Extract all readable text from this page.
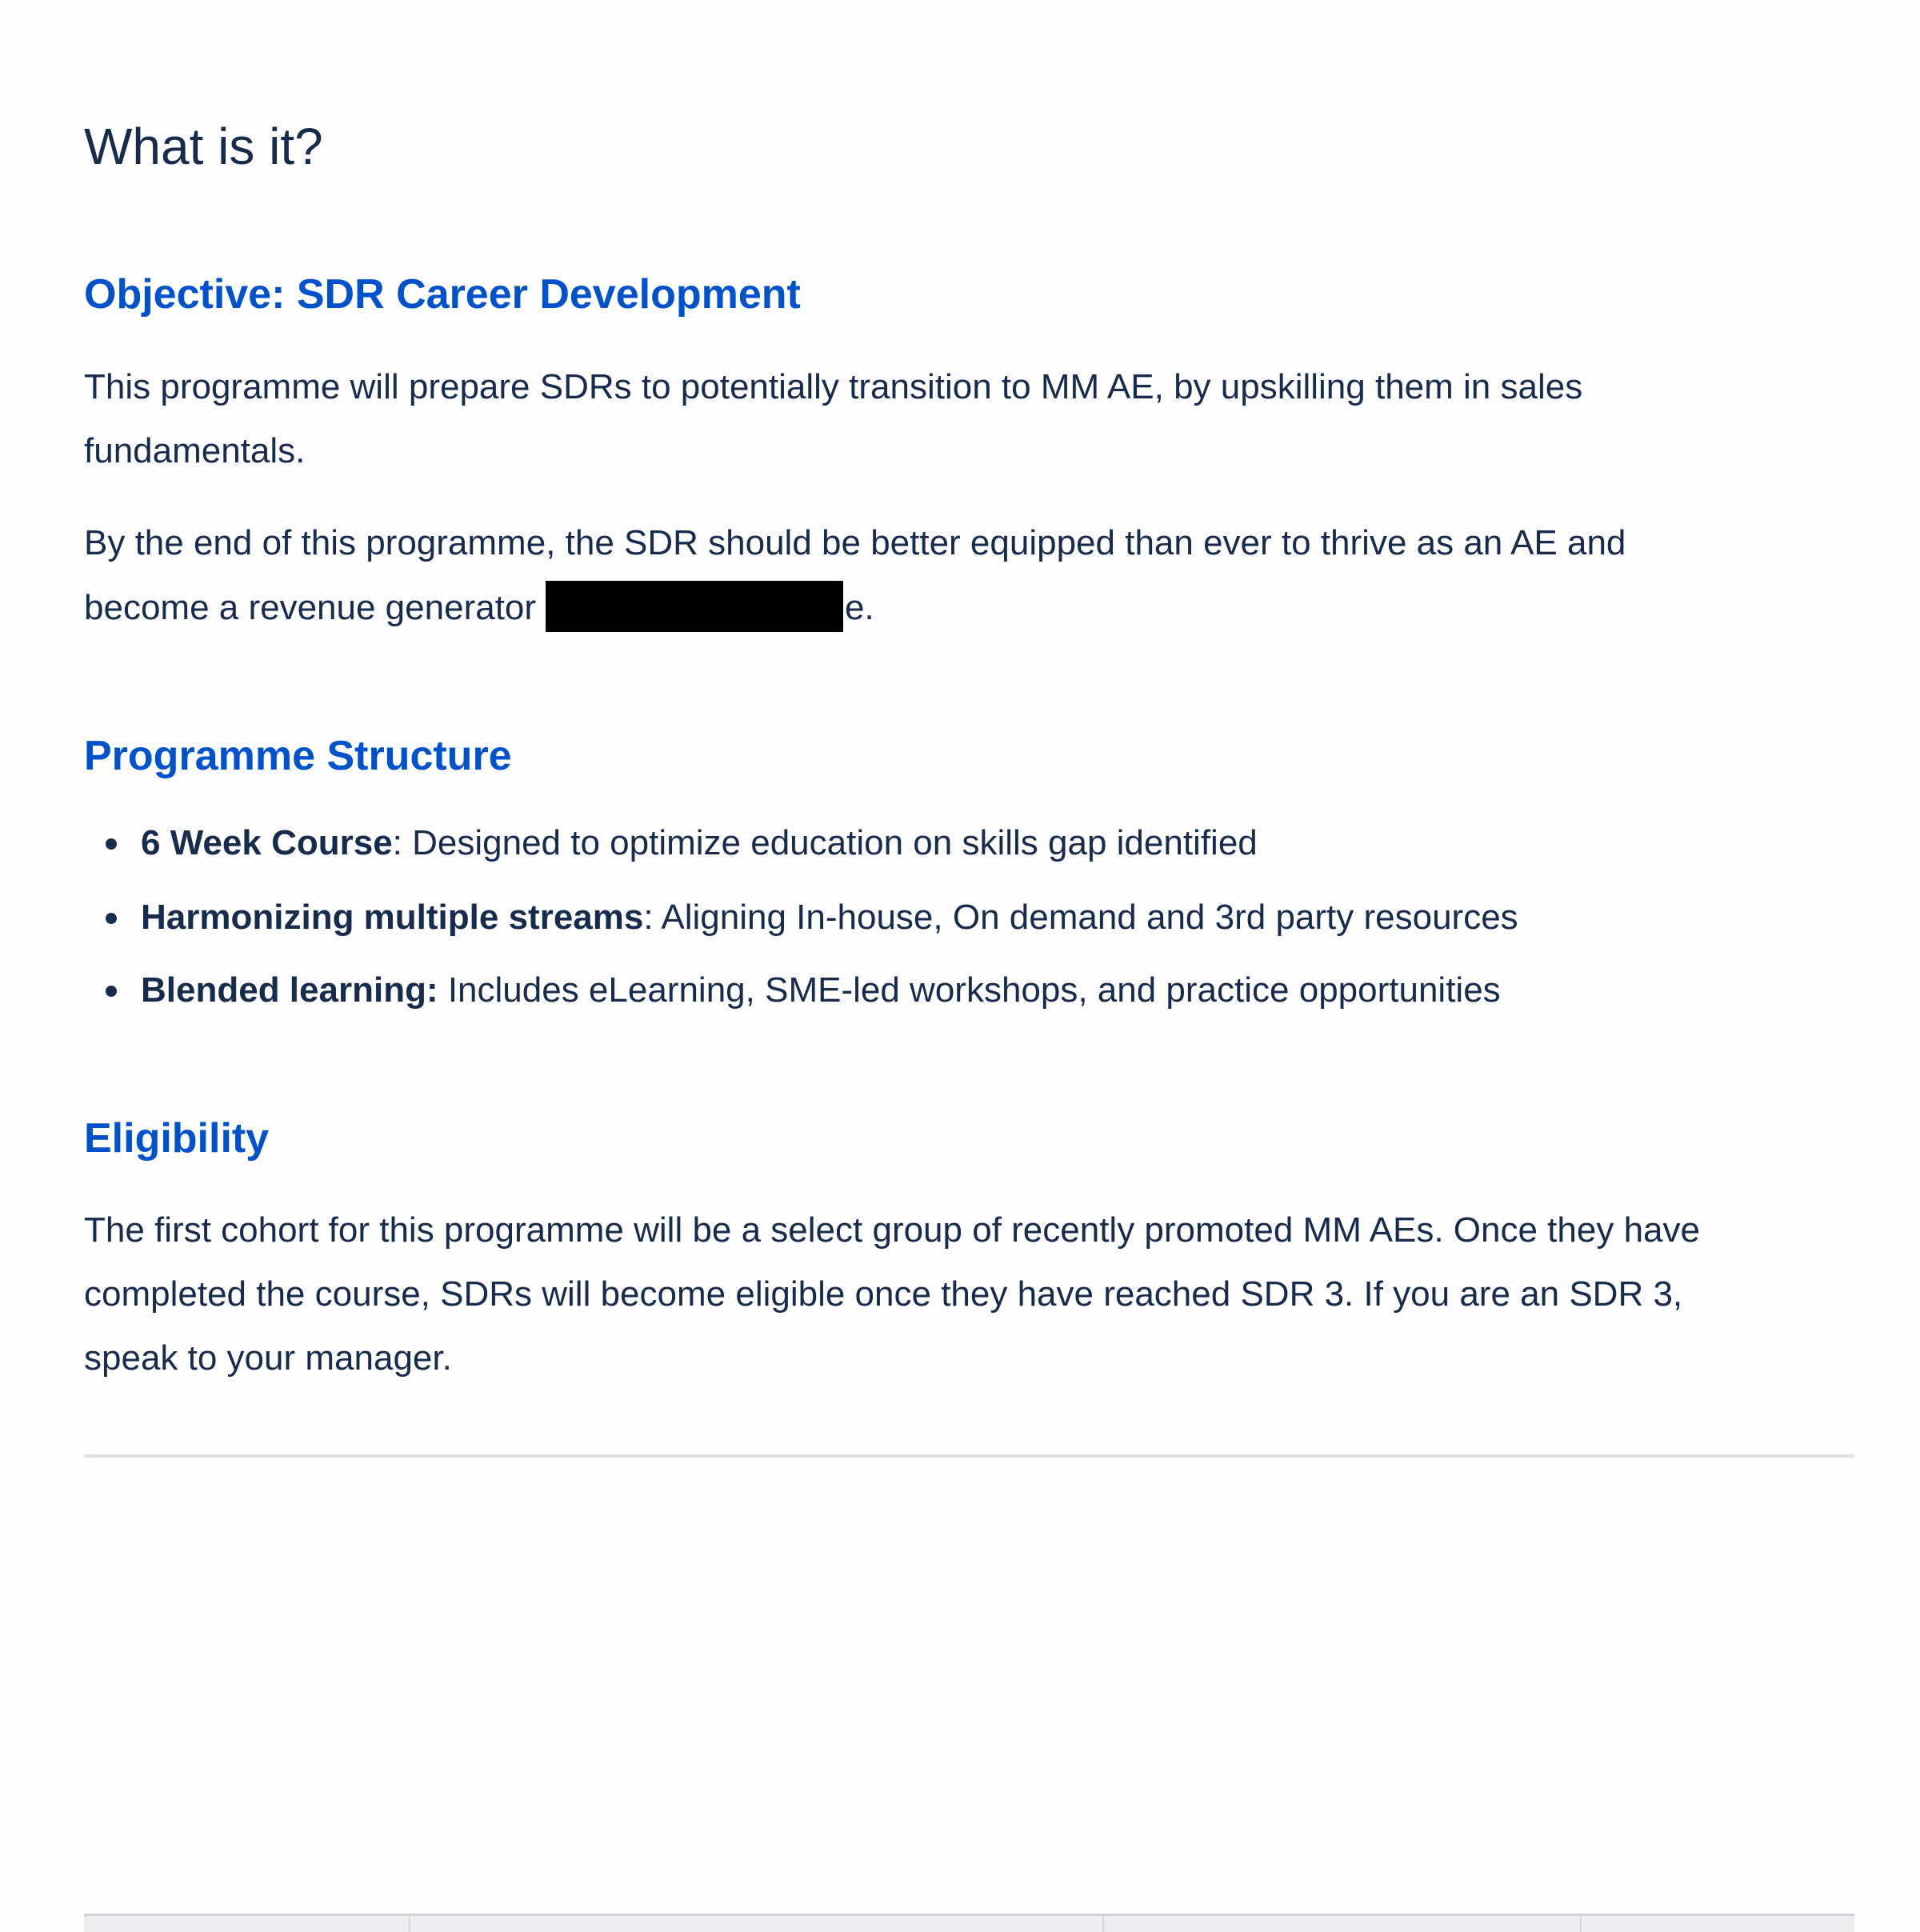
What is it?
Objective: SDR Career Development
This programme will prepare SDRs to potentially transition to MM AE, by upskilling them in sales
fundamentals.
By the end of this programme, the SDR should be better equipped than ever to thrive as an AE and
become a revenue generator	e.
Programme Structure
6 Week Course: Designed to optimize education on skills gap identified
Harmonizing multiple streams: Aligning In-house, On demand and 3rd party resources
Blended learning: Includes eLearning, SME-led workshops, and practice opportunities
Eligibility
The first cohort for this programme will be a select group of recently promoted MM AEs. Once they have
completed the course, SDRs will become eligible once they have reached SDR 3. If you are an SDR 3,
speak to your manager.
